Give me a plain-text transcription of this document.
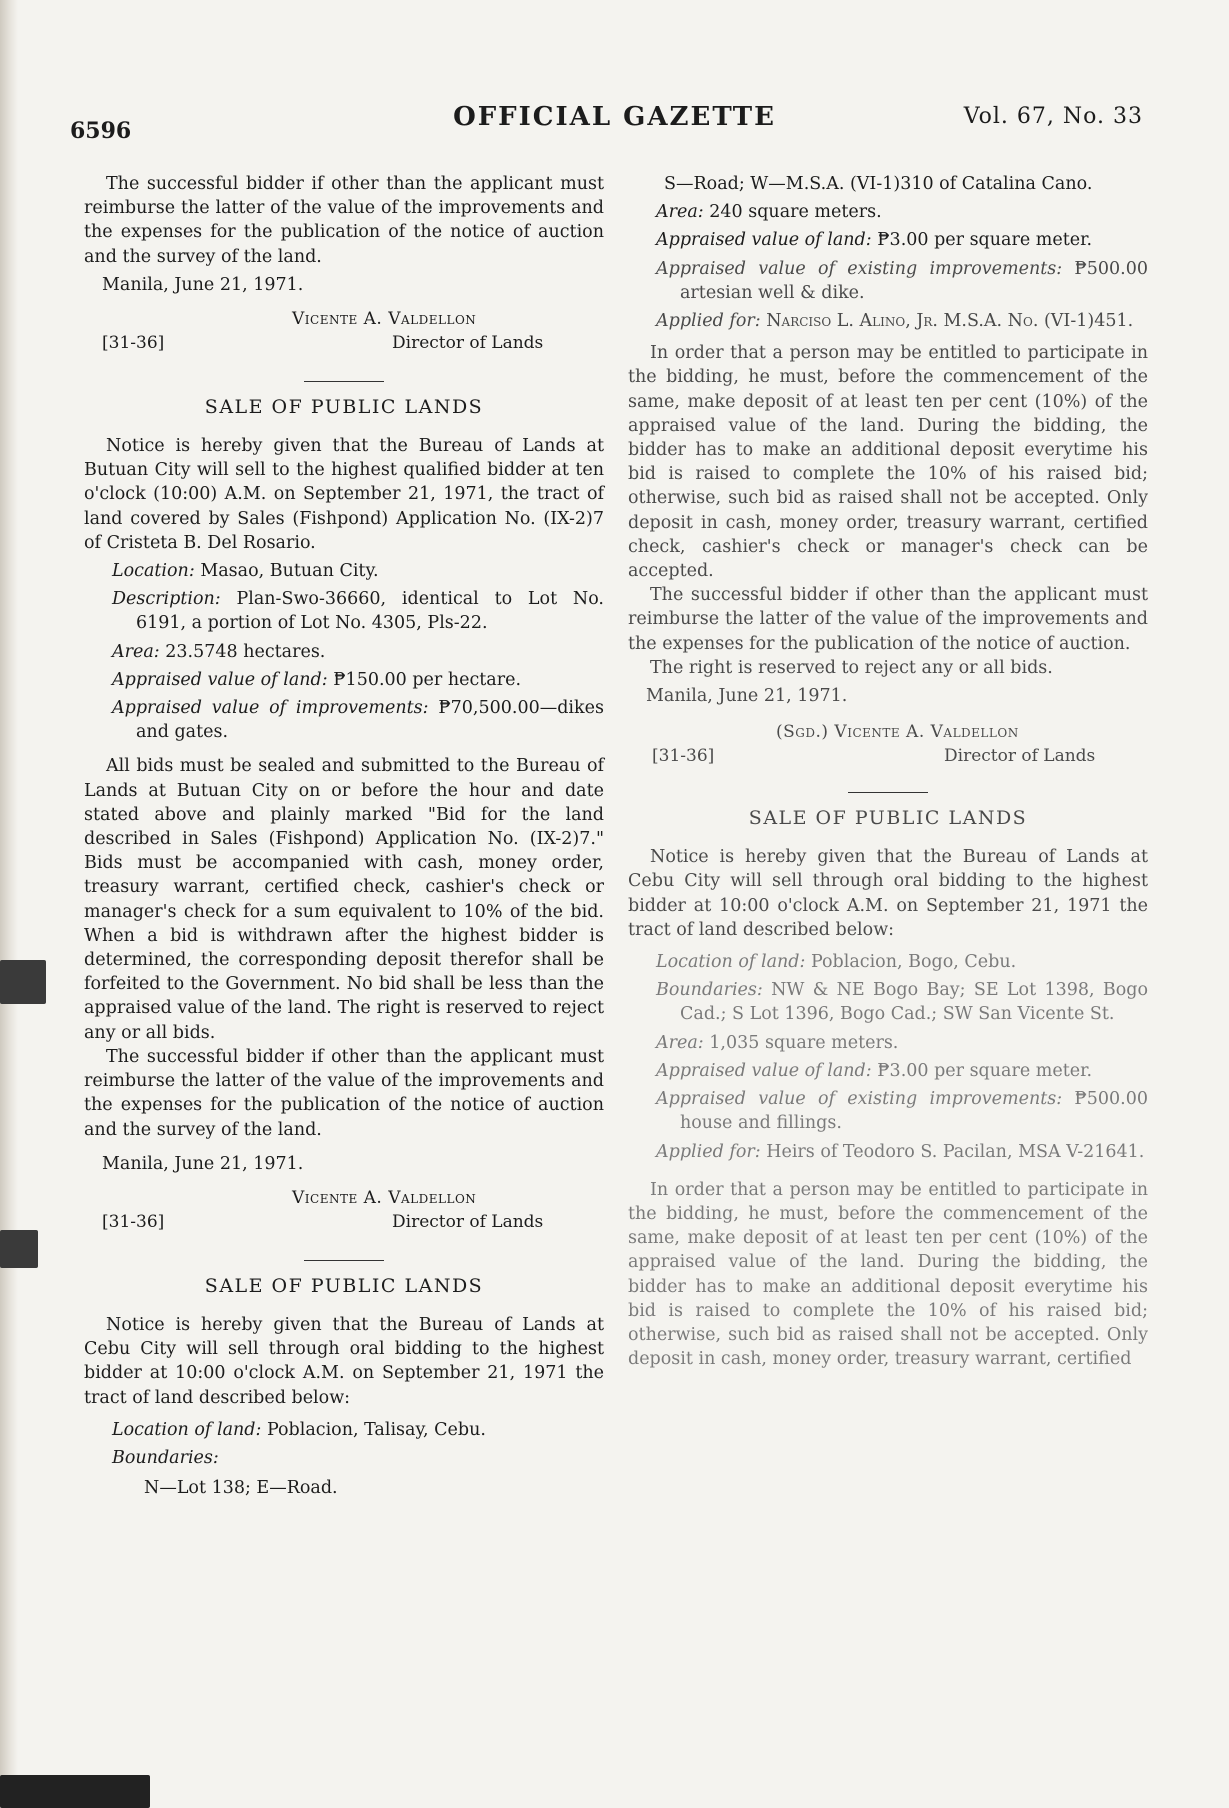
6596	OFFICIAL GAZETTE	Vol. 67, No. 33

The successful bidder if other than the applicant must reimburse the latter of the value of the improvements and the expenses for the publication of the notice of auction and the survey of the land.

Manila, June 21, 1971.

Vicente A. Valdellon
[31-36]	Director of Lands
SALE OF PUBLIC LANDS

Notice is hereby given that the Bureau of Lands at Butuan City will sell to the highest qualified bidder at ten o'clock (10:00) A.M. on September 21, 1971, the tract of land covered by Sales (Fishpond) Application No. (IX-2)7 of Cristeta B. Del Rosario.

Location: Masao, Butuan City.
Description: Plan-Swo-36660, identical to Lot No. 6191, a portion of Lot No. 4305, Pls-22.
Area: 23.5748 hectares.
Appraised value of land: ₱150.00 per hectare.
Appraised value of improvements: ₱70,500.00—dikes and gates.

All bids must be sealed and submitted to the Bureau of Lands at Butuan City on or before the hour and date stated above and plainly marked "Bid for the land described in Sales (Fishpond) Application No. (IX-2)7." Bids must be accompanied with cash, money order, treasury warrant, certified check, cashier's check or manager's check for a sum equivalent to 10% of the bid. When a bid is withdrawn after the highest bidder is determined, the corresponding deposit therefor shall be forfeited to the Government. No bid shall be less than the appraised value of the land. The right is reserved to reject any or all bids.

The successful bidder if other than the applicant must reimburse the latter of the value of the improvements and the expenses for the publication of the notice of auction and the survey of the land.

Manila, June 21, 1971.

Vicente A. Valdellon
[31-36]	Director of Lands
SALE OF PUBLIC LANDS

Notice is hereby given that the Bureau of Lands at Cebu City will sell through oral bidding to the highest bidder at 10:00 o'clock A.M. on September 21, 1971 the tract of land described below:

Location of land: Poblacion, Talisay, Cebu.
Boundaries:
N—Lot 138; E—Road.
S—Road; W—M.S.A. (VI-1)310 of Catalina Cano.
Area: 240 square meters.
Appraised value of land: ₱3.00 per square meter.
Appraised value of existing improvements: ₱500.00 artesian well & dike.
Applied for: Narciso L. Alino, Jr. M.S.A. No. (VI-1)451.

In order that a person may be entitled to participate in the bidding, he must, before the commencement of the same, make deposit of at least ten per cent (10%) of the appraised value of the land. During the bidding, the bidder has to make an additional deposit everytime his bid is raised to complete the 10% of his raised bid; otherwise, such bid as raised shall not be accepted. Only deposit in cash, money order, treasury warrant, certified check, cashier's check or manager's check can be accepted.

The successful bidder if other than the applicant must reimburse the latter of the value of the improvements and the expenses for the publication of the notice of auction.

The right is reserved to reject any or all bids.

Manila, June 21, 1971.

(Sgd.) Vicente A. Valdellon
[31-36]	Director of Lands
SALE OF PUBLIC LANDS

Notice is hereby given that the Bureau of Lands at Cebu City will sell through oral bidding to the highest bidder at 10:00 o'clock A.M. on September 21, 1971 the tract of land described below:

Location of land: Poblacion, Bogo, Cebu.
Boundaries: NW & NE Bogo Bay; SE Lot 1398, Bogo Cad.; S Lot 1396, Bogo Cad.; SW San Vicente St.
Area: 1,035 square meters.
Appraised value of land: ₱3.00 per square meter.
Appraised value of existing improvements: ₱500.00 house and fillings.
Applied for: Heirs of Teodoro S. Pacilan, MSA V-21641.

In order that a person may be entitled to participate in the bidding, he must, before the commencement of the same, make deposit of at least ten per cent (10%) of the appraised value of the land. During the bidding, the bidder has to make an additional deposit everytime his bid is raised to complete the 10% of his raised bid; otherwise, such bid as raised shall not be accepted. Only deposit in cash, money order, treasury warrant, certified
